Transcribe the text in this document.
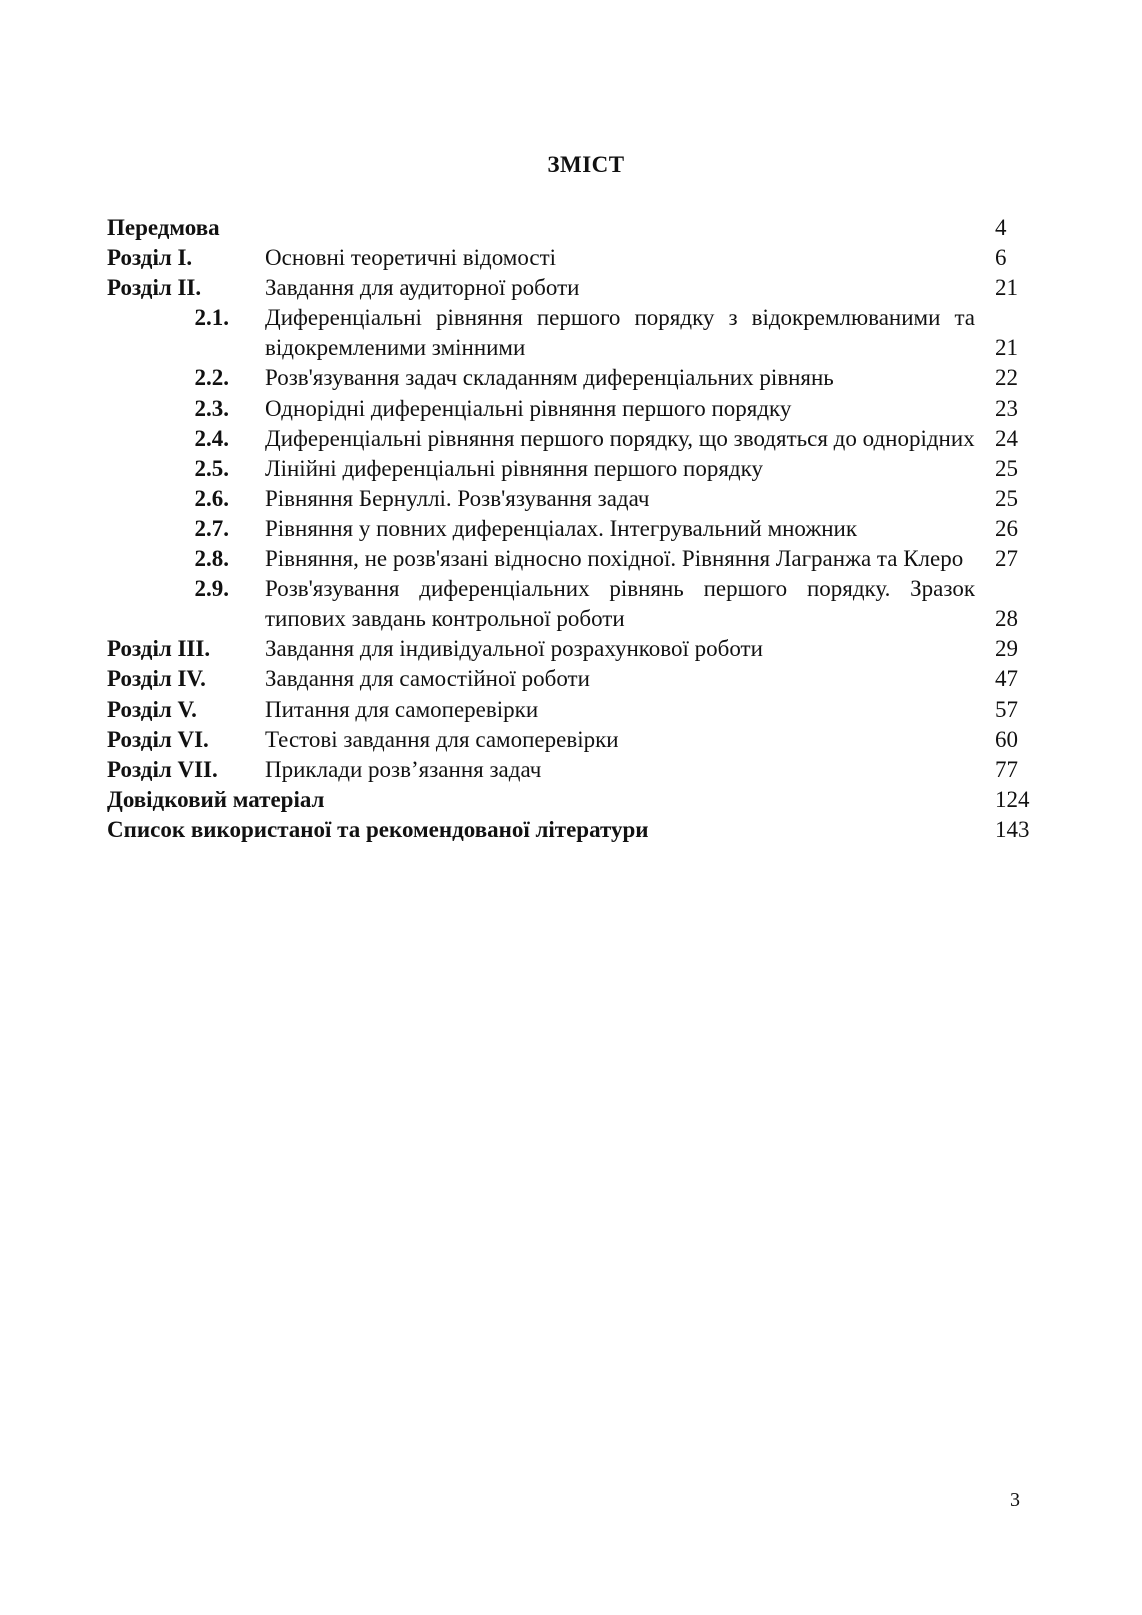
ЗМІСТ
Передмова	4
Розділ I.	Основні теоретичні відомості	6
Розділ II.	Завдання для аудиторної роботи	21
2.1.	Диференціальні рівняння першого порядку з відокремлюваними та відокремленими змінними	21
2.2.	Розв'язування задач складанням диференціальних рівнянь	22
2.3.	Однорідні диференціальні рівняння першого порядку	23
2.4.	Диференціальні рівняння першого порядку, що зводяться до однорідних 24
2.5.	Лінійні диференціальні рівняння першого порядку	25
2.6.	Рівняння Бернуллі. Розв'язування задач	25
2.7.	Рівняння у повних диференціалах. Інтегрувальний множник	26
2.8.	Рівняння, не розв'язані відносно похідної. Рівняння Лагранжа та Клеро	27
2.9.	Розв'язування диференціальних рівнянь першого порядку. Зразок типових завдань контрольної роботи	28
Розділ III.	Завдання для індивідуальної розрахункової роботи	29
Розділ IV.	Завдання для самостійної роботи	47
Розділ V.	Питання для самоперевірки	57
Розділ VI.	Тестові завдання для самоперевірки	60
Розділ VII.	Приклади розв’язання задач	77
Довідковий матеріал	124
Список використаної та рекомендованої літератури	143
3
